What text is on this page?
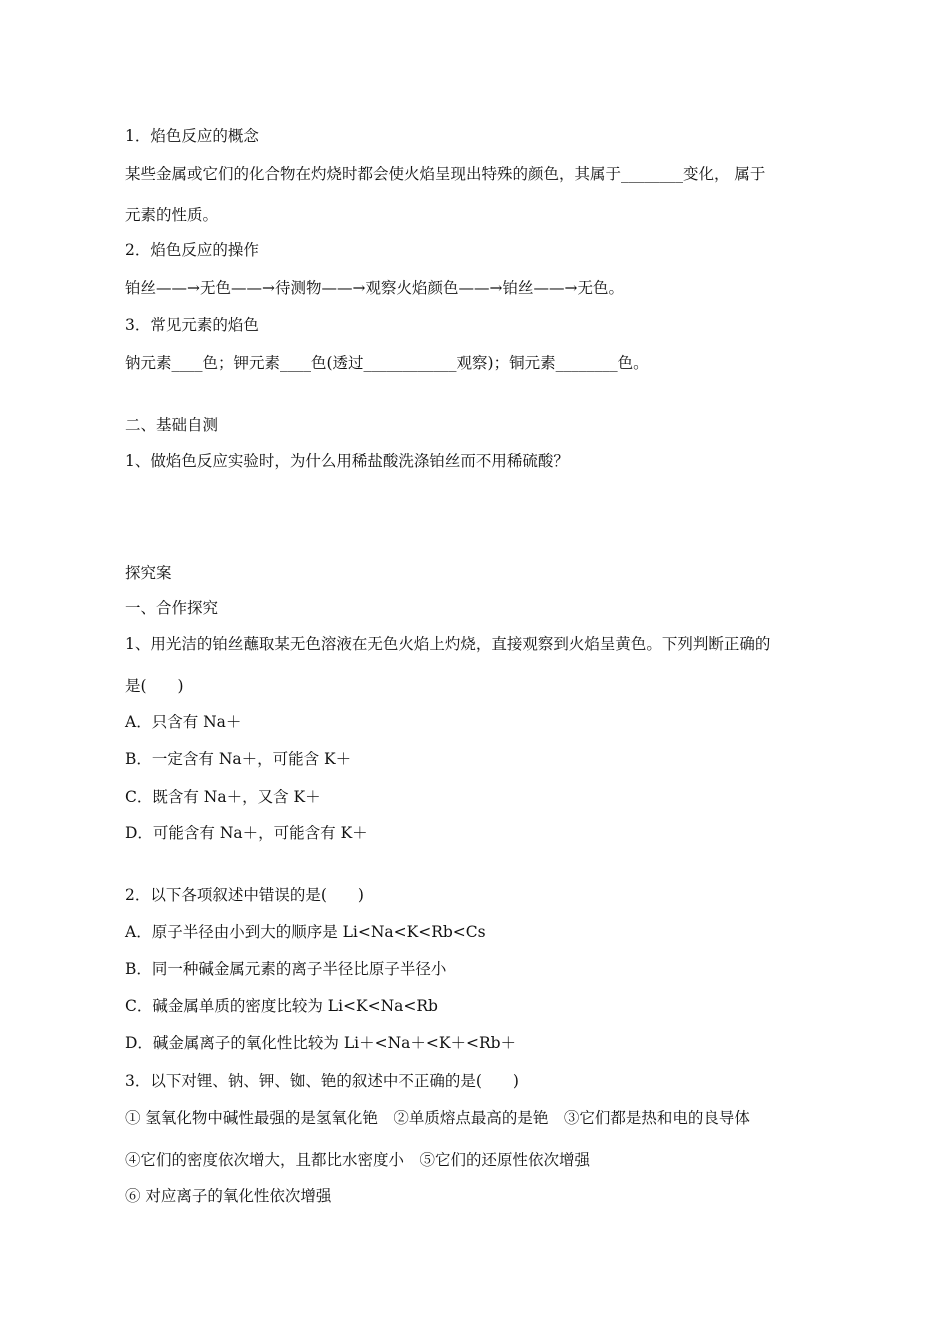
1．焰色反应的概念
某些金属或它们的化合物在灼烧时都会使火焰呈现出特殊的颜色，其属于________变化， 属于
元素的性质。
2．焰色反应的操作
铂丝——→无色——→待测物——→观察火焰颜色——→铂丝——→无色。
3．常见元素的焰色
钠元素____色；钾元素____色(透过____________观察)；铜元素________色。
二、基础自测
1、做焰色反应实验时，为什么用稀盐酸洗涤铂丝而不用稀硫酸？
探究案
一、合作探究
1、用光洁的铂丝蘸取某无色溶液在无色火焰上灼烧，直接观察到火焰呈黄色。下列判断正确的
是(　　)
A．只含有 Na＋
B．一定含有 Na＋，可能含 K＋
C．既含有 Na＋，又含 K＋
D．可能含有 Na＋，可能含有 K＋
2．以下各项叙述中错误的是(　　)
A．原子半径由小到大的顺序是 Li<Na<K<Rb<Cs
B．同一种碱金属元素的离子半径比原子半径小
C．碱金属单质的密度比较为 Li<K<Na<Rb
D．碱金属离子的氧化性比较为 Li＋<Na＋<K＋<Rb＋
3．以下对锂、钠、钾、铷、铯的叙述中不正确的是(　　)
① 氢氧化物中碱性最强的是氢氧化铯　②单质熔点最高的是铯　③它们都是热和电的良导体
④它们的密度依次增大，且都比水密度小　⑤它们的还原性依次增强
⑥ 对应离子的氧化性依次增强
